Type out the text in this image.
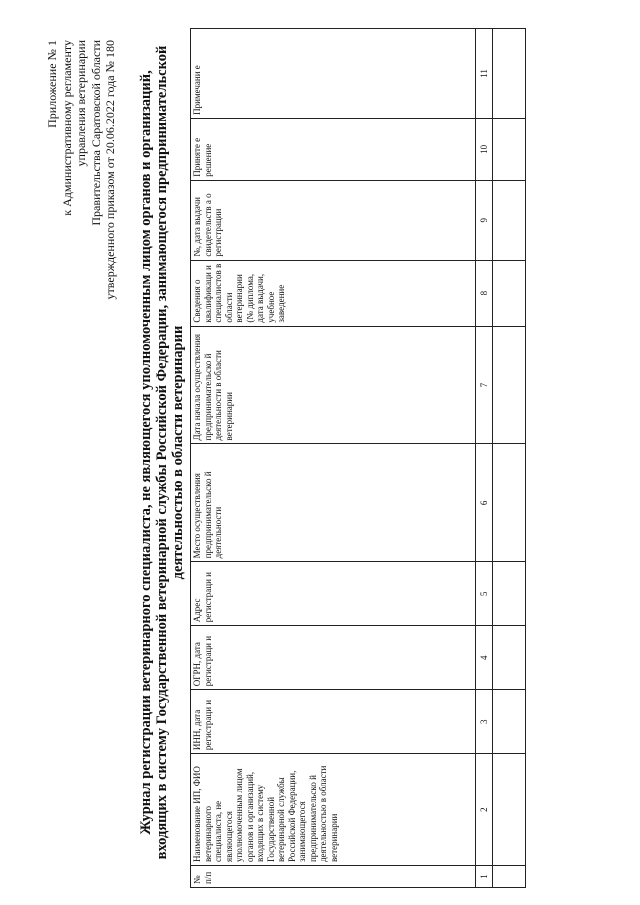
Приложение № 1 к Административному регламенту управления ветеринарии Правительства Саратовской области утвержденного приказом от 20.06.2022 года № 180 Журнал регистрации ветеринарного специалиста, не являющегося уполномоченным лицом органов и организаций, входящих в систему Государственной ветеринарной службы Российской Федерации, занимающегося предпринимательской деятельностью в области ветеринарии
№ п/п	Наименование ИП, ФИО ветеринарного специалиста, не являющегося уполномоченным лицом органов и организаций, входящих в систему Государственной ветеринарной службы Российской Федерации, занимающегося предпринимательско й деятельностью в области ветеринарии	ИНН, дата регистраци и	ОГРН, дата регистраци и	Адрес регистраци и	Место осуществления предпринимательско й деятельности	Дата начала осуществления предпринимательско й деятельности в области ветеринарии	Сведения о квалификаци и специалистов в области ветеринарии (№ диплома, дата выдачи, учебное заведение	№, дата выдачи свидетельств а о регистрации	Приняте е решение	Примечани е
1	2	3	4	5	6	7	8	9	10	11
